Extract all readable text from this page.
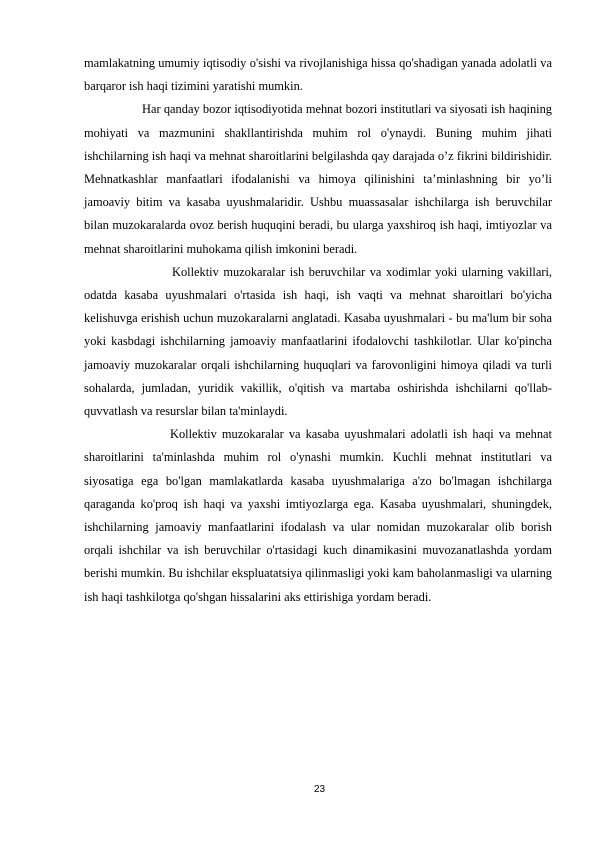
mamlakatning umumiy iqtisodiy o'sishi va rivojlanishiga hissa qo'shadigan yanada adolatli va barqaror ish haqi tizimini yaratishi mumkin.

Har qanday bozor iqtisodiyotida mehnat bozori institutlari va siyosati ish haqining mohiyati va mazmunini shakllantirishda muhim rol o'ynaydi. Buning muhim jihati ishchilarning ish haqi va mehnat sharoitlarini belgilashda qay darajada o’z fikrini bildirishidir. Mehnatkashlar manfaatlari ifodalanishi va himoya qilinishini ta’minlashning bir yo’li jamoaviy bitim va kasaba uyushmalaridir. Ushbu muassasalar ishchilarga ish beruvchilar bilan muzokaralarda ovoz berish huquqini beradi, bu ularga yaxshiroq ish haqi, imtiyozlar va mehnat sharoitlarini muhokama qilish imkonini beradi.

Kollektiv muzokaralar ish beruvchilar va xodimlar yoki ularning vakillari, odatda kasaba uyushmalari o'rtasida ish haqi, ish vaqti va mehnat sharoitlari bo'yicha kelishuvga erishish uchun muzokaralarni anglatadi. Kasaba uyushmalari - bu ma'lum bir soha yoki kasbdagi ishchilarning jamoaviy manfaatlarini ifodalovchi tashkilotlar. Ular ko'pincha jamoaviy muzokaralar orqali ishchilarning huquqlari va farovonligini himoya qiladi va turli sohalarda, jumladan, yuridik vakillik, o'qitish va martaba oshirishda ishchilarni qo'llab-quvvatlash va resurslar bilan ta'minlaydi.

Kollektiv muzokaralar va kasaba uyushmalari adolatli ish haqi va mehnat sharoitlarini ta'minlashda muhim rol o'ynashi mumkin. Kuchli mehnat institutlari va siyosatiga ega bo'lgan mamlakatlarda kasaba uyushmalariga a'zo bo'lmagan ishchilarga qaraganda ko'proq ish haqi va yaxshi imtiyozlarga ega. Kasaba uyushmalari, shuningdek, ishchilarning jamoaviy manfaatlarini ifodalash va ular nomidan muzokaralar olib borish orqali ishchilar va ish beruvchilar o'rtasidagi kuch dinamikasini muvozanatlashda yordam berishi mumkin. Bu ishchilar ekspluatatsiya qilinmasligi yoki kam baholanmasligi va ularning ish haqi tashkilotga qo'shgan hissalarini aks ettirishiga yordam beradi.

23
